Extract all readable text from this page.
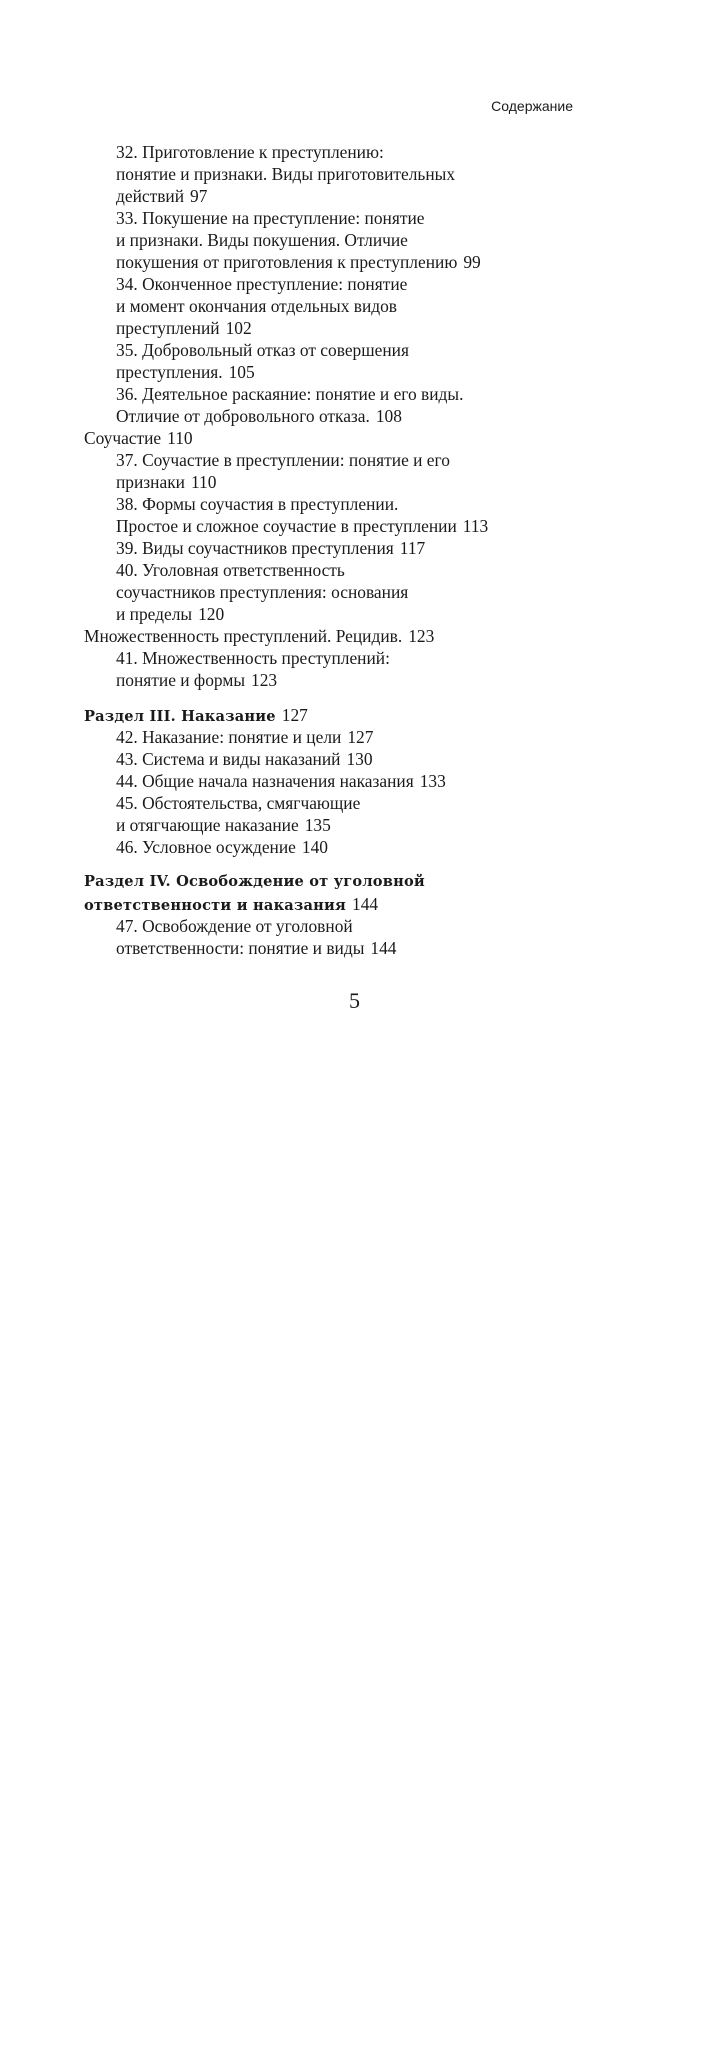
Содержание
32. Приготовление к преступлению:
понятие и признаки. Виды приготовительных
действий 97
33. Покушение на преступление: понятие
и признаки. Виды покушения. Отличие
покушения от приготовления к преступлению 99
34. Оконченное преступление: понятие
и момент окончания отдельных видов
преступлений 102
35. Добровольный отказ от совершения
преступления. 105
36. Деятельное раскаяние: понятие и его виды.
Отличие от добровольного отказа. 108
Соучастие 110
37. Соучастие в преступлении: понятие и его
признаки 110
38. Формы соучастия в преступлении.
Простое и сложное соучастие в преступлении 113
39. Виды соучастников преступления 117
40. Уголовная ответственность
соучастников преступления: основания
и пределы 120
Множественность преступлений. Рецидив. 123
41. Множественность преступлений:
понятие и формы 123
Раздел III. Наказание 127
42. Наказание: понятие и цели 127
43. Система и виды наказаний 130
44. Общие начала назначения наказания 133
45. Обстоятельства, смягчающие
и отягчающие наказание 135
46. Условное осуждение 140
Раздел IV. Освобождение от уголовной
ответственности и наказания 144
47. Освобождение от уголовной
ответственности: понятие и виды 144
5
